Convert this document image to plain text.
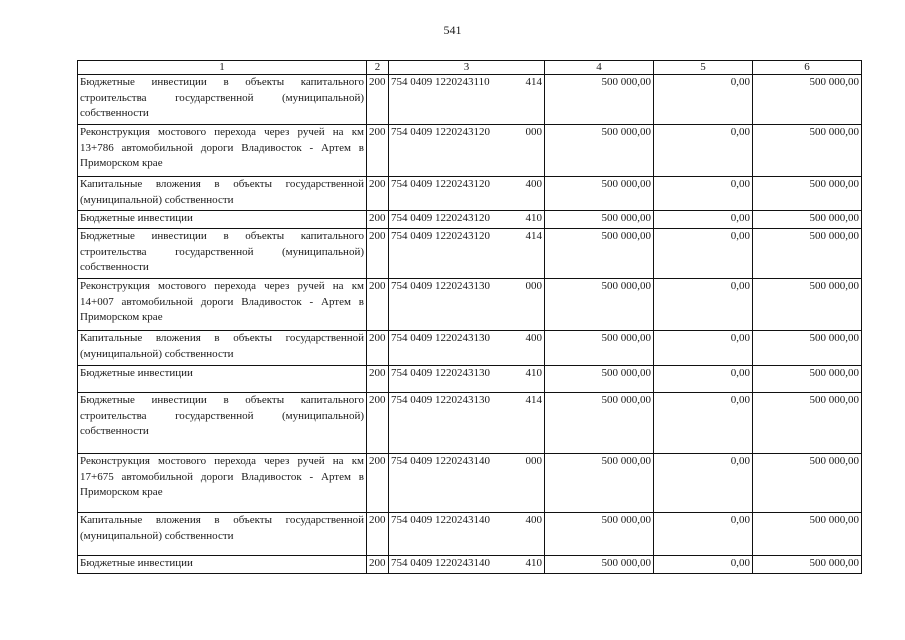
541
1	2	3	4	5	6
Бюджетные инвестиции в объекты капитального строительства государственной (муниципальной) собственности	200	754 0409 1220243110 414	500 000,00	0,00	500 000,00
Реконструкция мостового перехода через ручей на км 13+786 автомобильной дороги Владивосток - Артем в Приморском крае	200	754 0409 1220243120 000	500 000,00	0,00	500 000,00
Капитальные вложения в объекты государственной (муниципальной) собственности	200	754 0409 1220243120 400	500 000,00	0,00	500 000,00
Бюджетные инвестиции	200	754 0409 1220243120 410	500 000,00	0,00	500 000,00
Бюджетные инвестиции в объекты капитального строительства государственной (муниципальной) собственности	200	754 0409 1220243120 414	500 000,00	0,00	500 000,00
Реконструкция мостового перехода через ручей на км 14+007 автомобильной дороги Владивосток - Артем в Приморском крае	200	754 0409 1220243130 000	500 000,00	0,00	500 000,00
Капитальные вложения в объекты государственной (муниципальной) собственности	200	754 0409 1220243130 400	500 000,00	0,00	500 000,00
Бюджетные инвестиции	200	754 0409 1220243130 410	500 000,00	0,00	500 000,00
Бюджетные инвестиции в объекты капитального строительства государственной (муниципальной) собственности	200	754 0409 1220243130 414	500 000,00	0,00	500 000,00
Реконструкция мостового перехода через ручей на км 17+675 автомобильной дороги Владивосток - Артем в Приморском крае	200	754 0409 1220243140 000	500 000,00	0,00	500 000,00
Капитальные вложения в объекты государственной (муниципальной) собственности	200	754 0409 1220243140 400	500 000,00	0,00	500 000,00
Бюджетные инвестиции	200	754 0409 1220243140 410	500 000,00	0,00	500 000,00
